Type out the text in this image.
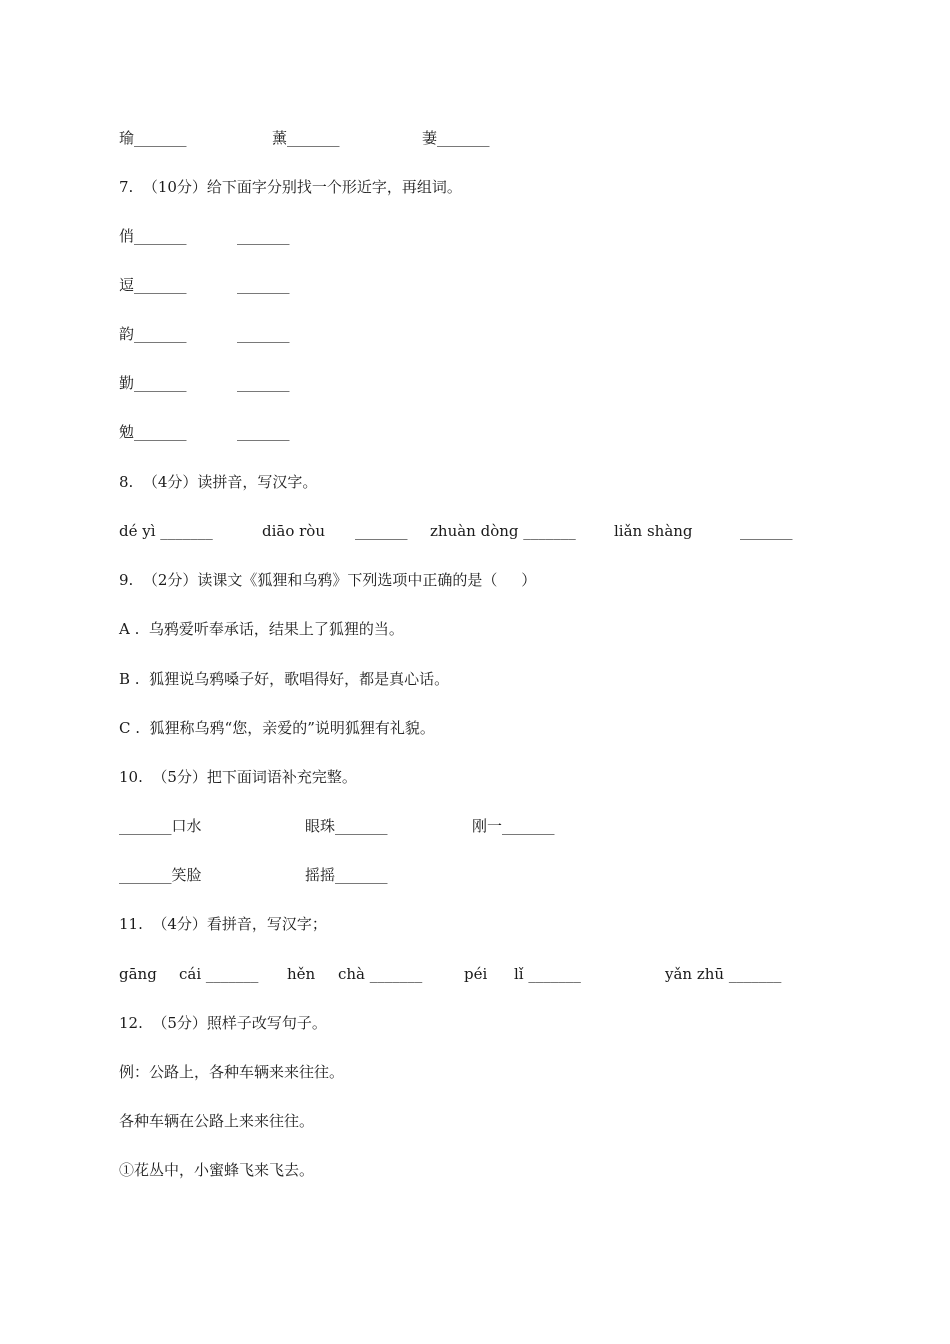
瑜_______	薰_______	萋_______
7.  （10分）给下面字分别找一个形近字，再组词。
俏_______	_______
逗_______	_______
韵_______	_______
勤_______	_______
勉_______	_______
8.  （4分）读拼音，写汉字。
dé yì _______	diāo ròu _______ zhuàn dòng _______	liǎn shàng	_______
9.  （2分）读课文《狐狸和乌鸦》下列选项中正确的是（     ）
A .  乌鸦爱听奉承话，结果上了狐狸的当。
B .  狐狸说乌鸦嗓子好，歌唱得好，都是真心话。
C .  狐狸称乌鸦“您，亲爱的”说明狐狸有礼貌。
10.  （5分）把下面词语补充完整。
_______口水	眼珠_______	刚一_______
_______笑脸	摇摇_______
11.  （4分）看拼音，写汉字；
gāng cái _______ hěn chà _______	péi lǐ _______	yǎn zhū _______
12.  （5分）照样子改写句子。
例：公路上，各种车辆来来往往。
各种车辆在公路上来来往往。
①花丛中，小蜜蜂飞来飞去。
